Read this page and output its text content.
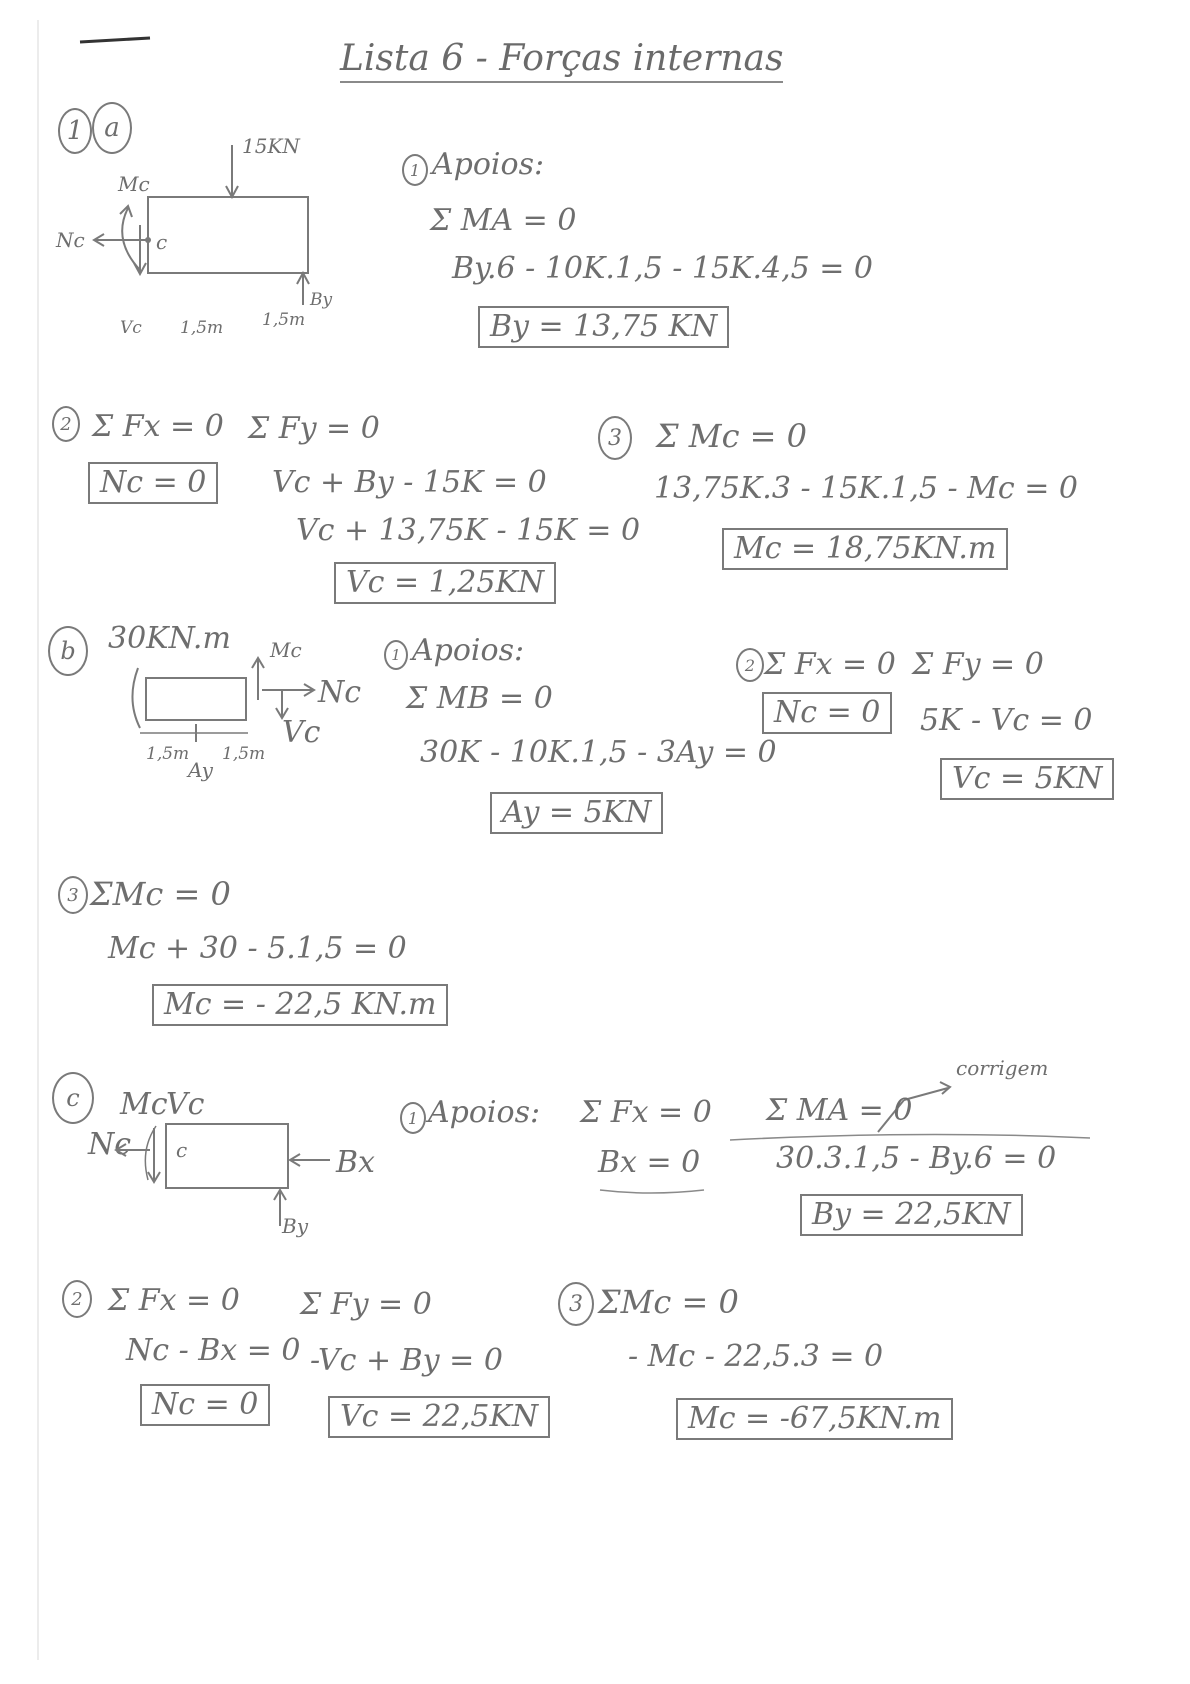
Lista 6 - Forças internas
1 a
15KN
Mc
Nc	c
Vc 1,5m 1,5m
By
1 Apoios:
Σ MA = 0
By.6 - 10K.1,5 - 15K.4,5 = 0
By = 13,75 KN
2 Σ Fx = 0
Nc = 0
Σ Fy = 0
Vc + By - 15K = 0
Vc + 13,75K - 15K = 0
Vc = 1,25KN
3 Σ Mc = 0
13,75K.3 - 15K.1,5 - Mc = 0
Mc = 18,75KN.m
b 30KN.m Mc
Nc
Vc
1,5m 1,5m
Ay
1 Apoios:
Σ MB = 0
30K - 10K.1,5 - 3Ay = 0
Ay = 5KN
2 Σ Fx = 0
Nc = 0
Σ Fy = 0
5K - Vc = 0
Vc = 5KN
3 ΣMc = 0
Mc + 30 - 5.1,5 = 0
Mc = - 22,5 KN.m
c Mc
Vc
Nc c	Bx
By
1 Apoios: Σ Fx = 0
Bx = 0
Σ MA = 0
corrigem
30.3.1,5 - By.6 = 0
By = 22,5KN
2 Σ Fx = 0
Nc - Bx = 0
Nc = 0
Σ Fy = 0
-Vc + By = 0
Vc = 22,5KN
3 ΣMc = 0
- Mc - 22,5.3 = 0
Mc = -67,5KN.m
